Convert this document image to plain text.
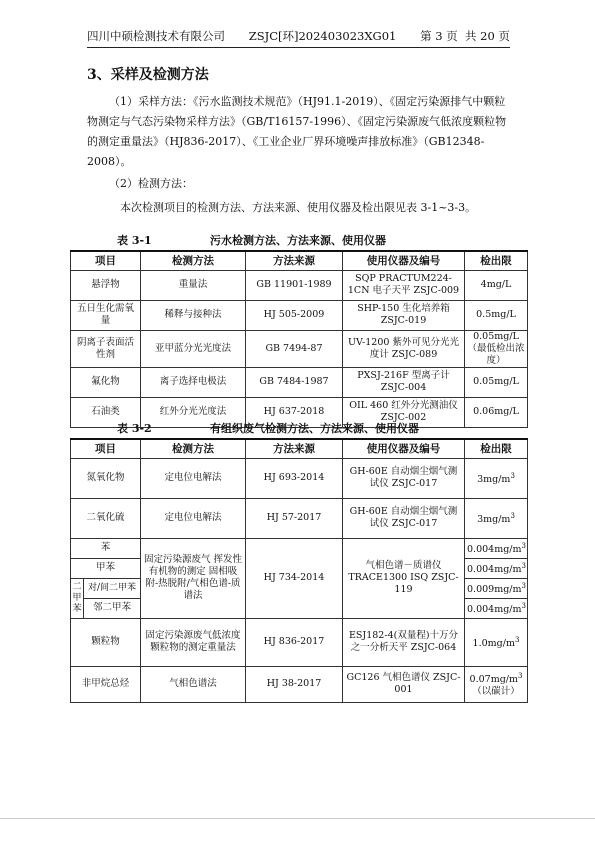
四川中硕检测技术有限公司 ZSJC[环]202403023XG01 第 3 页 共 20 页
3、采样及检测方法
（1）采样方法：《污水监测技术规范》（HJ91.1-2019）、《固定污染源排气中颗粒物测定与气态污染物采样方法》（GB/T16157-1996）、《固定污染源废气低浓度颗粒物的测定重量法》（HJ836-2017）、《工业企业厂界环境噪声排放标准》（GB12348-2008）。
（2）检测方法：
本次检测项目的检测方法、方法来源、使用仪器及检出限见表 3-1~3-3。
表 3-1	污水检测方法、方法来源、使用仪器
项目	检测方法	方法来源	使用仪器及编号	检出限
悬浮物	重量法	GB 11901-1989	SQP PRACTUM224-1CN 电子天平 ZSJC-009	4mg/L
五日生化需氧量	稀释与接种法	HJ 505-2009	SHP-150 生化培养箱 ZSJC-019	0.5mg/L
阴离子表面活性剂	亚甲蓝分光光度法	GB 7494-87	UV-1200 紫外可见分光光度计 ZSJC-089	0.05mg/L（最低检出浓度）
氟化物	离子选择电极法	GB 7484-1987	PXSJ-216F 型离子计 ZSJC-004	0.05mg/L
石油类	红外分光光度法	HJ 637-2018	OIL 460 红外分光测油仪 ZSJC-002	0.06mg/L
表 3-2	有组织废气检测方法、方法来源、使用仪器
项目		检测方法	方法来源	使用仪器及编号	检出限
氮氧化物		定电位电解法	HJ 693-2014	GH-60E 自动烟尘烟气测试仪 ZSJC-017	$3mg/m^3$
二氧化硫		定电位电解法	HJ 57-2017	GH-60E 自动烟尘烟气测试仪 ZSJC-017	$3mg/m^3$
苯		固定污染源废气 挥发性有机物的测定 固相吸附-热脱附/气相色谱-质谱法	HJ 734-2014	气相色谱－质谱仪 TRACE1300 ISQ ZSJC-119	$0.004mg/m^3$
甲苯					$0.004mg/m^3$
二甲苯	对/间二甲苯				$0.009mg/m^3$
	邻二甲苯				$0.004mg/m^3$
颗粒物		固定污染源废气低浓度颗粒物的测定重量法	HJ 836-2017	ESJ182-4(双量程)十万分之一分析天平 ZSJC-064	$1.0mg/m^3$
非甲烷总烃		气相色谱法	HJ 38-2017	GC126 气相色谱仪 ZSJC-001	$0.07mg/m^3$
（以碳计）
